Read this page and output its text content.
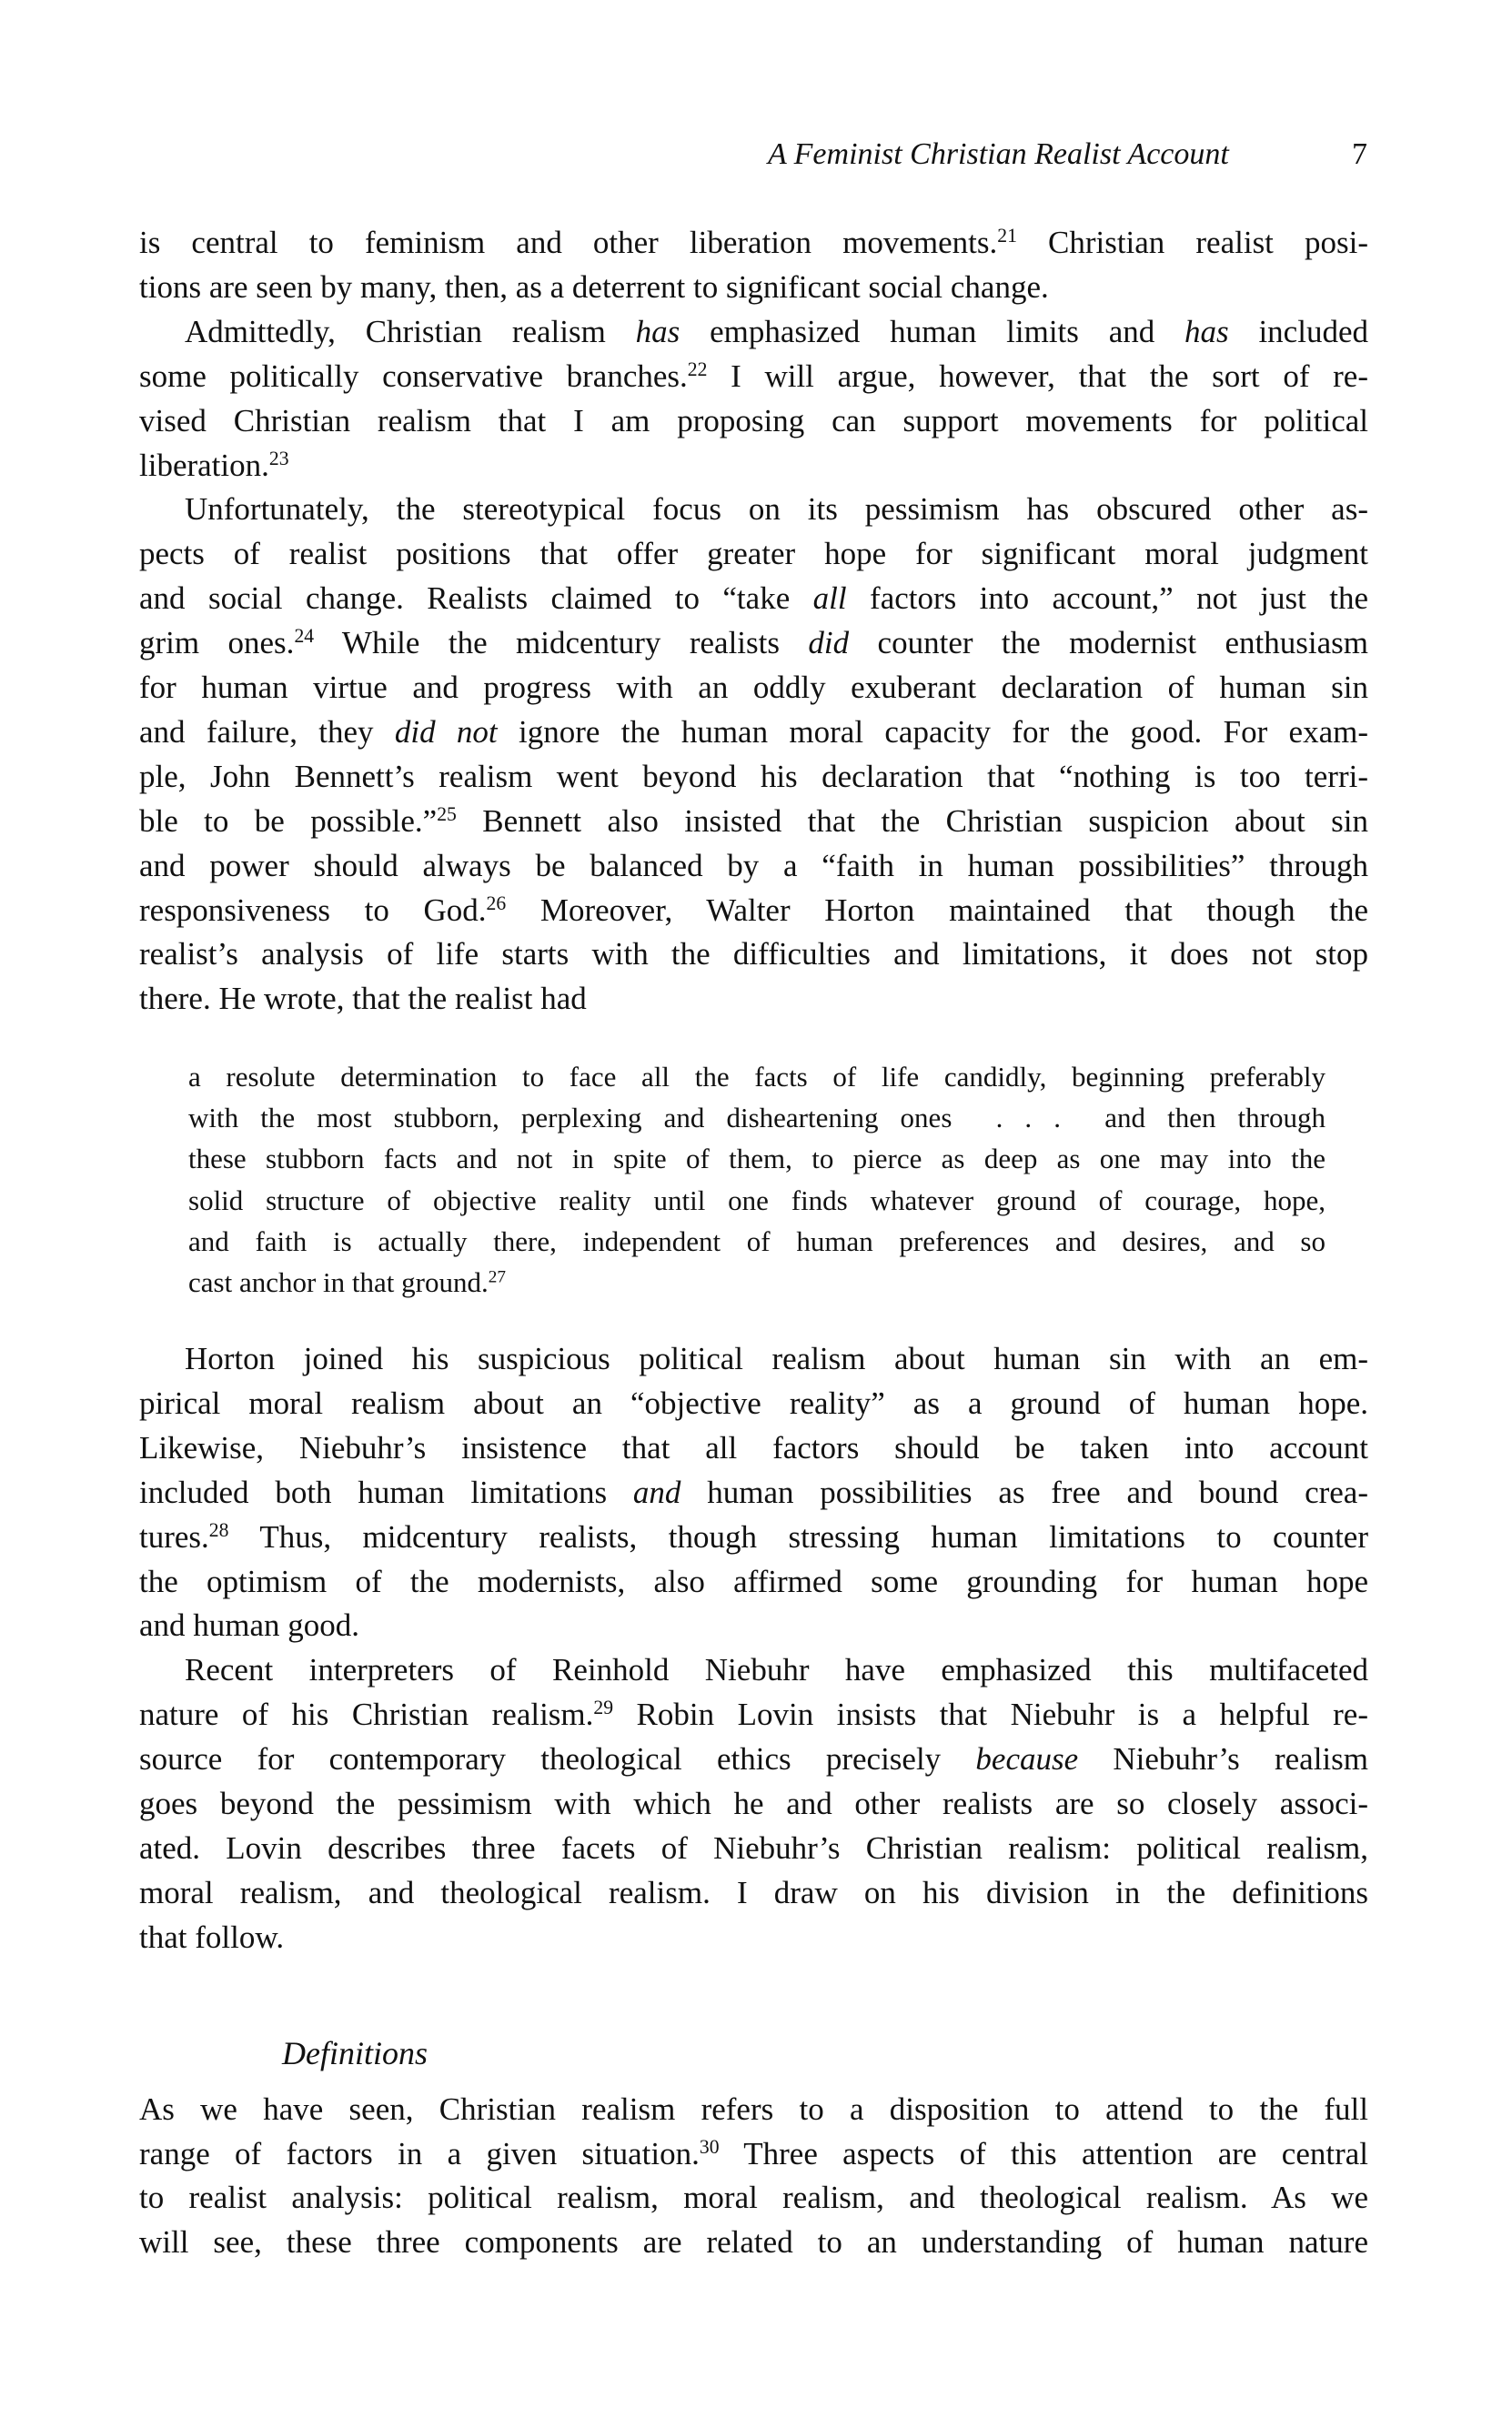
A Feminist Christian Realist Account	7
is central to feminism and other liberation movements.$^{21}$ Christian realist posi-
tions are seen by many, then, as a deterrent to significant social change.
Admittedly, Christian realism has emphasized human limits and has included
some politically conservative branches.$^{22}$ I will argue, however, that the sort of re-
vised Christian realism that I am proposing can support movements for political
liberation.$^{23}$
Unfortunately, the stereotypical focus on its pessimism has obscured other as-
pects of realist positions that offer greater hope for significant moral judgment
and social change. Realists claimed to “take all factors into account,” not just the
grim ones.$^{24}$ While the midcentury realists did counter the modernist enthusiasm
for human virtue and progress with an oddly exuberant declaration of human sin
and failure, they did not ignore the human moral capacity for the good. For exam-
ple, John Bennett’s realism went beyond his declaration that “nothing is too terri-
ble to be possible.”$^{25}$ Bennett also insisted that the Christian suspicion about sin
and power should always be balanced by a “faith in human possibilities” through
responsiveness to God.$^{26}$ Moreover, Walter Horton maintained that though the
realist’s analysis of life starts with the difficulties and limitations, it does not stop
there. He wrote, that the realist had
a resolute determination to face all the facts of life candidly, beginning preferably
with the most stubborn, perplexing and disheartening ones  . . .  and then through
these stubborn facts and not in spite of them, to pierce as deep as one may into the
solid structure of objective reality until one finds whatever ground of courage, hope,
and faith is actually there, independent of human preferences and desires, and so
cast anchor in that ground.$^{27}$
Horton joined his suspicious political realism about human sin with an em-
pirical moral realism about an “objective reality” as a ground of human hope.
Likewise, Niebuhr’s insistence that all factors should be taken into account
included both human limitations and human possibilities as free and bound crea-
tures.$^{28}$ Thus, midcentury realists, though stressing human limitations to counter
the optimism of the modernists, also affirmed some grounding for human hope
and human good.
Recent interpreters of Reinhold Niebuhr have emphasized this multifaceted
nature of his Christian realism.$^{29}$ Robin Lovin insists that Niebuhr is a helpful re-
source for contemporary theological ethics precisely because Niebuhr’s realism
goes beyond the pessimism with which he and other realists are so closely associ-
ated. Lovin describes three facets of Niebuhr’s Christian realism: political realism,
moral realism, and theological realism. I draw on his division in the definitions
that follow.
Definitions
As we have seen, Christian realism refers to a disposition to attend to the full
range of factors in a given situation.$^{30}$ Three aspects of this attention are central
to realist analysis: political realism, moral realism, and theological realism. As we
will see, these three components are related to an understanding of human nature
